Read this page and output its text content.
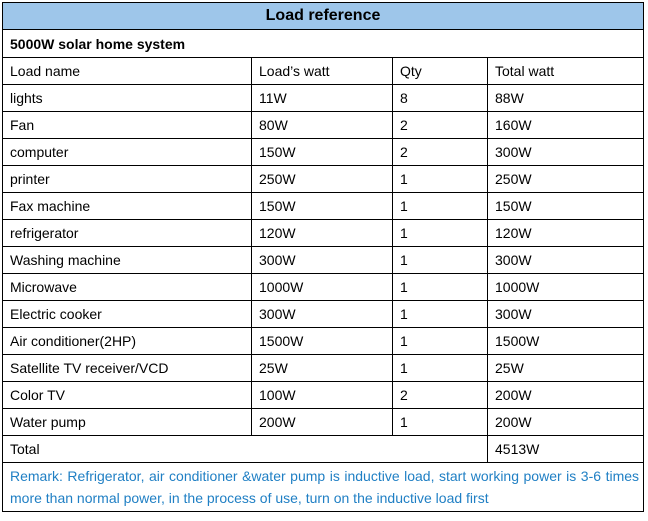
Load reference			
5000W solar home system			
Load name	Load’s watt	Qty	Total watt
lights	11W	8	88W
Fan	80W	2	160W
computer	150W	2	300W
printer	250W	1	250W
Fax machine	150W	1	150W
refrigerator	120W	1	120W
Washing machine	300W	1	300W
Microwave	1000W	1	1000W
Electric cooker	300W	1	300W
Air conditioner(2HP)	1500W	1	1500W
Satellite TV receiver/VCD	25W	1	25W
Color TV	100W	2	200W
Water pump	200W	1	200W
Total			4513W
Remark: Refrigerator, air conditioner &water pump is inductive load, start working power is 3-6 times more than normal power, in the process of use, turn on the inductive load first			
